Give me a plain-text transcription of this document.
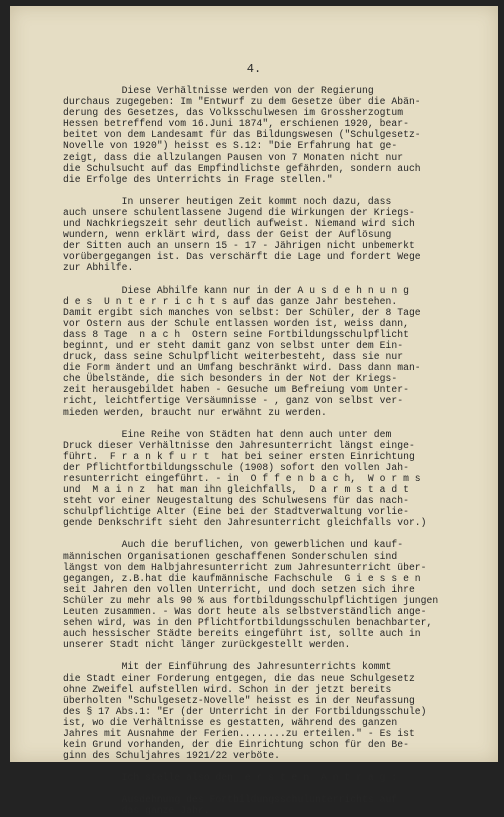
4.

Diese Verhältnisse werden von der Regierung

durchaus zugegeben: Im "Entwurf zu dem Gesetze über die Abän-

derung des Gesetzes, das Volksschulwesen im Grossherzogtum

Hessen betreffend vom 16.Juni 1874", erschienen 1920, bear-

beitet von dem Landesamt für das Bildungswesen ("Schulgesetz-

Novelle von 1920") heisst es S.12: "Die Erfahrung hat ge-

zeigt, dass die allzulangen Pausen von 7 Monaten nicht nur

die Schulsucht auf das Empfindlichste gefährden, sondern auch

die Erfolge des Unterrichts in Frage stellen."

In unserer heutigen Zeit kommt noch dazu, dass

auch unsere schulentlassene Jugend die Wirkungen der Kriegs-

und Nachkriegszeit sehr deutlich aufweist. Niemand wird sich

wundern, wenn erklärt wird, dass der Geist der Auflösung

der Sitten auch an unsern 15 - 17 - Jährigen nicht unbemerkt

vorübergegangen ist. Das verschärft die Lage und fordert Wege

zur Abhilfe.

Diese Abhilfe kann nur in der A u s d e h n u n g

d e s  U n t e r r i c h t s auf das ganze Jahr bestehen.

Damit ergibt sich manches von selbst: Der Schüler, der 8 Tage

vor Ostern aus der Schule entlassen worden ist, weiss dann,

dass 8 Tage  n a c h  Ostern seine Fortbildungsschulpflicht

beginnt, und er steht damit ganz von selbst unter dem Ein-

druck, dass seine Schulpflicht weiterbesteht, dass sie nur

die Form ändert und an Umfang beschränkt wird. Dass dann man-

che Übelstände, die sich besonders in der Not der Kriegs-

zeit herausgebildet haben - Gesuche um Befreiung vom Unter-

richt, leichtfertige Versäumnisse - , ganz von selbst ver-

mieden werden, braucht nur erwähnt zu werden.

Eine Reihe von Städten hat denn auch unter dem

Druck dieser Verhältnisse den Jahresunterricht längst einge-

führt.  F r a n k f u r t  hat bei seiner ersten Einrichtung

der Pflichtfortbildungsschule (1908) sofort den vollen Jah-

resunterricht eingeführt. - in  O f f e n b a c h,  W o r m s

und  M a i n z  hat man ihn gleichfalls,  D a r m s t a d t

steht vor einer Neugestaltung des Schulwesens für das nach-

schulpflichtige Alter (Eine bei der Stadtverwaltung vorlie-

gende Denkschrift sieht den Jahresunterricht gleichfalls vor.)

Auch die beruflichen, von gewerblichen und kauf-

männischen Organisationen geschaffenen Sonderschulen sind

längst von dem Halbjahresunterricht zum Jahresunterricht über-

gegangen, z.B.hat die kaufmännische Fachschule  G i e s s e n

seit Jahren den vollen Unterricht, und doch setzen sich ihre

Schüler zu mehr als 90 % aus fortbildungsschulpflichtigen jungen

Leuten zusammen. - Was dort heute als selbstverständlich ange-

sehen wird, was in den Pflichtfortbildungsschulen benachbarter,

auch hessischer Städte bereits eingeführt ist, sollte auch in

unserer Stadt nicht länger zurückgestellt werden.

Mit der Einführung des Jahresunterrichts kommt

die Stadt einer Forderung entgegen, die das neue Schulgesetz

ohne Zweifel aufstellen wird. Schon in der jetzt bereits

überholten "Schulgesetz-Novelle" heisst es in der Neufassung

des § 17 Abs.1: "Er (der Unterricht in der Fortbildungsschule)

ist, wo die Verhältnisse es gestatten, während des ganzen

Jahres mit Ausnahme der Ferien........zu erteilen." - Es ist

kein Grund vorhanden, der die Einrichtung schon für den Be-

ginn des Schuljahres 1921/22 verböte.

Ich stelle also den  e r s t e n  A n t r a g :

Ausdehnung des Fortbildungsschulunterrichts auf

das ganze Jahr.
